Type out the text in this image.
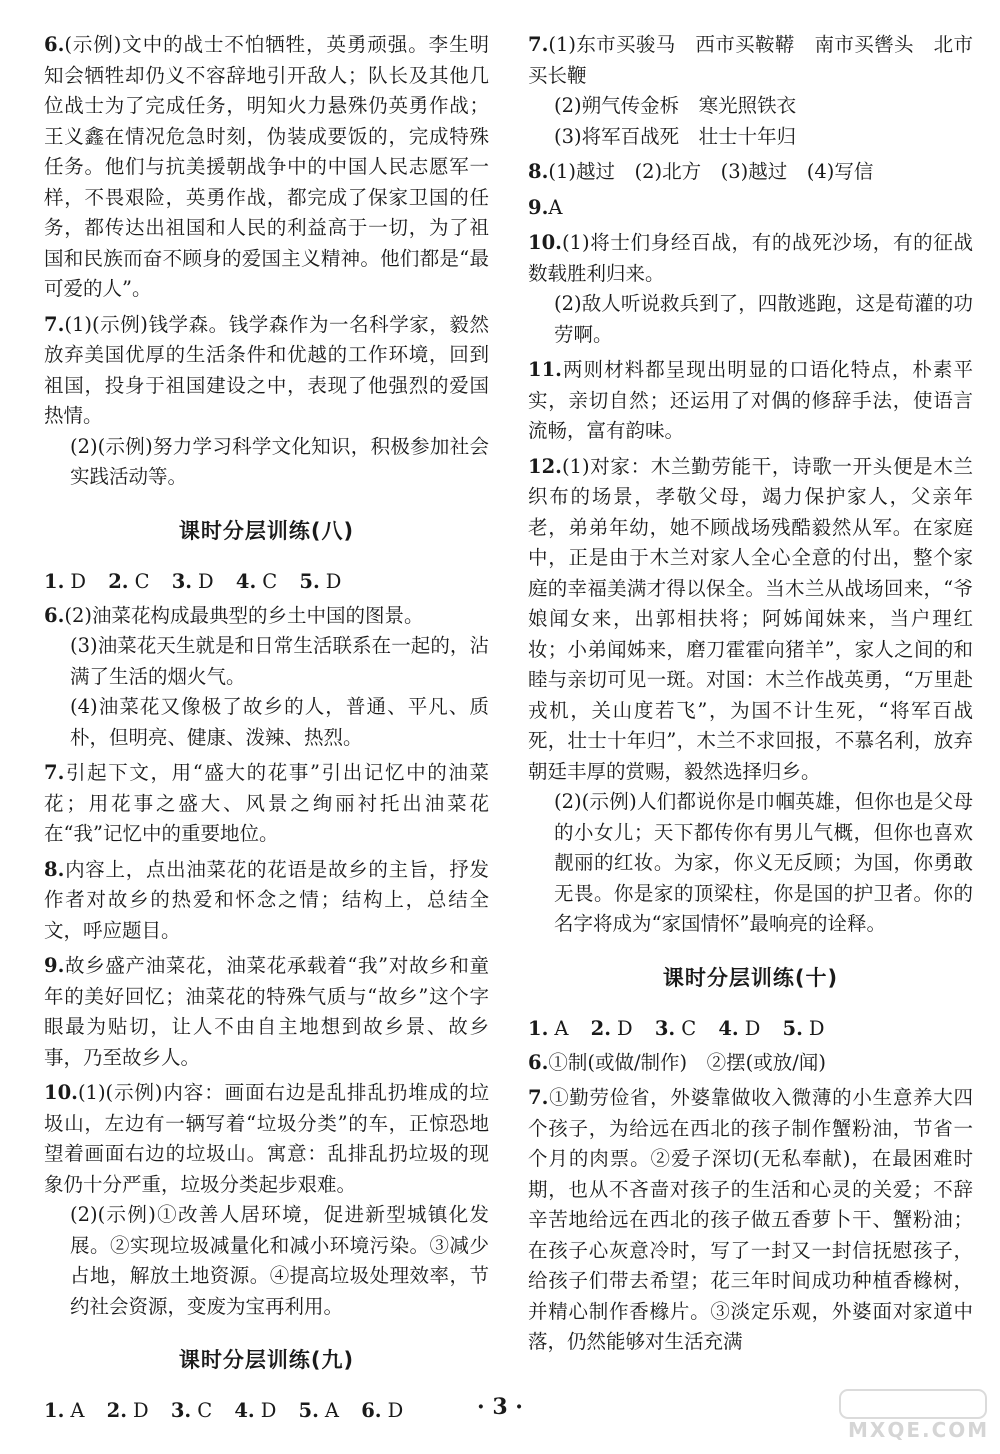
6.(示例)文中的战士不怕牺牲，英勇顽强。李生明知会牺牲却仍义不容辞地引开敌人；队长及其他几位战士为了完成任务，明知火力悬殊仍英勇作战；王义鑫在情况危急时刻，伪装成要饭的，完成特殊任务。他们与抗美援朝战争中的中国人民志愿军一样，不畏艰险，英勇作战，都完成了保家卫国的任务，都传达出祖国和人民的利益高于一切，为了祖国和民族而奋不顾身的爱国主义精神。他们都是“最可爱的人”。
7.(1)(示例)钱学森。钱学森作为一名科学家，毅然放弃美国优厚的生活条件和优越的工作环境，回到祖国，投身于祖国建设之中，表现了他强烈的爱国热情。
(2)(示例)努力学习科学文化知识，积极参加社会实践活动等。
课时分层训练(八)
1. D 2. C 3. D 4. C 5. D
6.(2)油菜花构成最典型的乡土中国的图景。
(3)油菜花天生就是和日常生活联系在一起的，沾满了生活的烟火气。
(4)油菜花又像极了故乡的人，普通、平凡、质朴，但明亮、健康、泼辣、热烈。
7.引起下文，用“盛大的花事”引出记忆中的油菜花；用花事之盛大、风景之绚丽衬托出油菜花在“我”记忆中的重要地位。
8.内容上，点出油菜花的花语是故乡的主旨，抒发作者对故乡的热爱和怀念之情；结构上，总结全文，呼应题目。
9.故乡盛产油菜花，油菜花承载着“我”对故乡和童年的美好回忆；油菜花的特殊气质与“故乡”这个字眼最为贴切，让人不由自主地想到故乡景、故乡事，乃至故乡人。
10.(1)(示例)内容：画面右边是乱排乱扔堆成的垃圾山，左边有一辆写着“垃圾分类”的车，正惊恐地望着画面右边的垃圾山。寓意：乱排乱扔垃圾的现象仍十分严重，垃圾分类起步艰难。
(2)(示例)①改善人居环境，促进新型城镇化发展。②实现垃圾减量化和减小环境污染。③减少占地，解放土地资源。④提高垃圾处理效率，节约社会资源，变废为宝再利用。
课时分层训练(九)
1. A 2. D 3. C 4. D 5. A 6. D
7.(1)东市买骏马　西市买鞍鞯　南市买辔头　北市买长鞭
(2)朔气传金柝　寒光照铁衣
(3)将军百战死　壮士十年归
8.(1)越过　(2)北方　(3)越过　(4)写信
9.A
10.(1)将士们身经百战，有的战死沙场，有的征战数载胜利归来。
(2)敌人听说救兵到了，四散逃跑，这是荀灌的功劳啊。
11.两则材料都呈现出明显的口语化特点，朴素平实，亲切自然；还运用了对偶的修辞手法，使语言流畅，富有韵味。
12.(1)对家：木兰勤劳能干，诗歌一开头便是木兰织布的场景，孝敬父母，竭力保护家人，父亲年老，弟弟年幼，她不顾战场残酷毅然从军。在家庭中，正是由于木兰对家人全心全意的付出，整个家庭的幸福美满才得以保全。当木兰从战场回来，“爷娘闻女来，出郭相扶将；阿姊闻妹来，当户理红妆；小弟闻姊来，磨刀霍霍向猪羊”，家人之间的和睦与亲切可见一斑。对国：木兰作战英勇，“万里赴戎机，关山度若飞”，为国不计生死，“将军百战死，壮士十年归”，木兰不求回报，不慕名利，放弃朝廷丰厚的赏赐，毅然选择归乡。
(2)(示例)人们都说你是巾帼英雄，但你也是父母的小女儿；天下都传你有男儿气概，但你也喜欢靓丽的红妆。为家，你义无反顾；为国，你勇敢无畏。你是家的顶梁柱，你是国的护卫者。你的名字将成为“家国情怀”最响亮的诠释。
课时分层训练(十)
1. A 2. D 3. C 4. D 5. D
6.①制(或做/制作)　②摆(或放/闻)
7.①勤劳俭省，外婆靠做收入微薄的小生意养大四个孩子，为给远在西北的孩子制作蟹粉油，节省一个月的肉票。②爱子深切(无私奉献)，在最困难时期，也从不吝啬对孩子的生活和心灵的关爱；不辞辛苦地给远在西北的孩子做五香萝卜干、蟹粉油；在孩子心灰意冷时，写了一封又一封信抚慰孩子，给孩子们带去希望；花三年时间成功种植香橼树，并精心制作香橼片。③淡定乐观，外婆面对家道中落，仍然能够对生活充满
· 3 ·
MXQE.COM
